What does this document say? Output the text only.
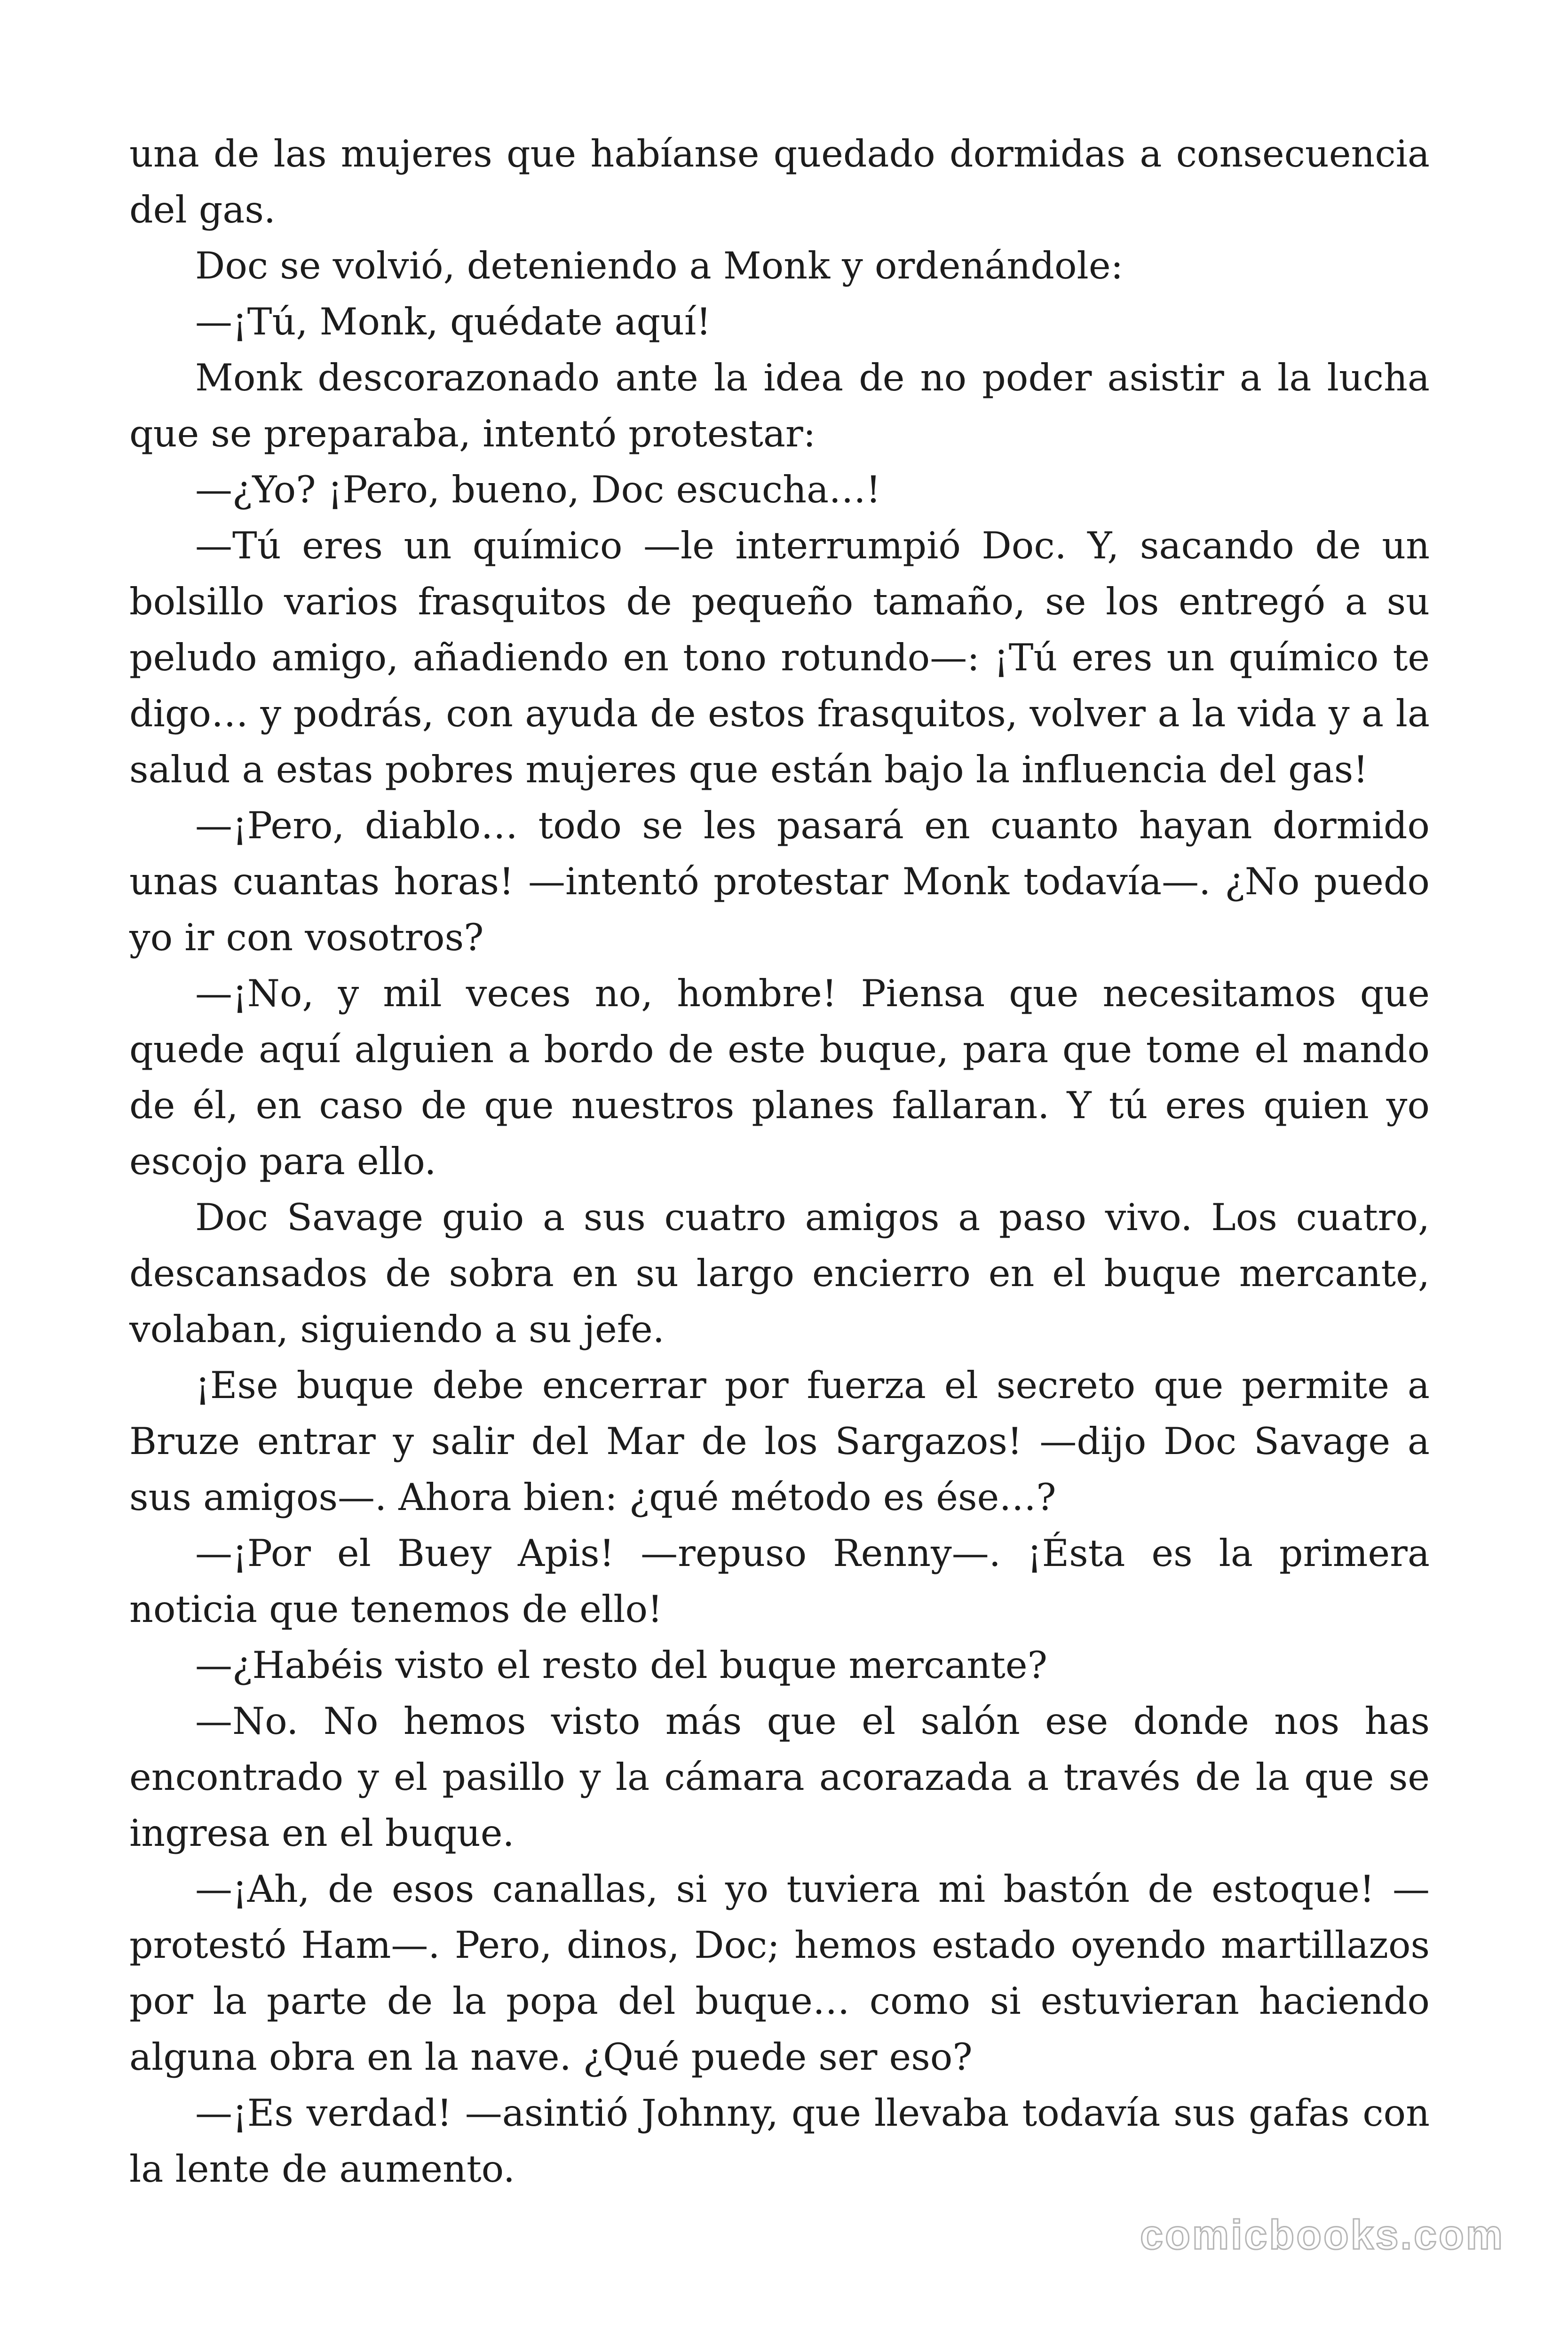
una de las mujeres que habíanse quedado dormidas a consecuencia del gas.

Doc se volvió, deteniendo a Monk y ordenándole:

—¡Tú, Monk, quédate aquí!

Monk descorazonado ante la idea de no poder asistir a la lucha que se preparaba, intentó protestar:

—¿Yo? ¡Pero, bueno, Doc escucha…!

—Tú eres un químico —le interrumpió Doc. Y, sacando de un bolsillo varios frasquitos de pequeño tamaño, se los entregó a su peludo amigo, añadiendo en tono rotundo—: ¡Tú eres un químico te digo… y podrás, con ayuda de estos frasquitos, volver a la vida y a la salud a estas pobres mujeres que están bajo la influencia del gas!

—¡Pero, diablo… todo se les pasará en cuanto hayan dormido unas cuantas horas! —intentó protestar Monk todavía—. ¿No puedo yo ir con vosotros?

—¡No, y mil veces no, hombre! Piensa que necesitamos que quede aquí alguien a bordo de este buque, para que tome el mando de él, en caso de que nuestros planes fallaran. Y tú eres quien yo escojo para ello.

Doc Savage guio a sus cuatro amigos a paso vivo. Los cuatro, descansados de sobra en su largo encierro en el buque mercante, volaban, siguiendo a su jefe.

¡Ese buque debe encerrar por fuerza el secreto que permite a Bruze entrar y salir del Mar de los Sargazos! —dijo Doc Savage a sus amigos—. Ahora bien: ¿qué método es ése…?

—¡Por el Buey Apis! —repuso Renny—. ¡Ésta es la primera noticia que tenemos de ello!

—¿Habéis visto el resto del buque mercante?

—No. No hemos visto más que el salón ese donde nos has encontrado y el pasillo y la cámara acorazada a través de la que se ingresa en el buque.

—¡Ah, de esos canallas, si yo tuviera mi bastón de estoque! —protestó Ham—. Pero, dinos, Doc; hemos estado oyendo martillazos por la parte de la popa del buque… como si estuvieran haciendo alguna obra en la nave. ¿Qué puede ser eso?

—¡Es verdad! —asintió Johnny, que llevaba todavía sus gafas con la lente de aumento.

comicbooks.com
